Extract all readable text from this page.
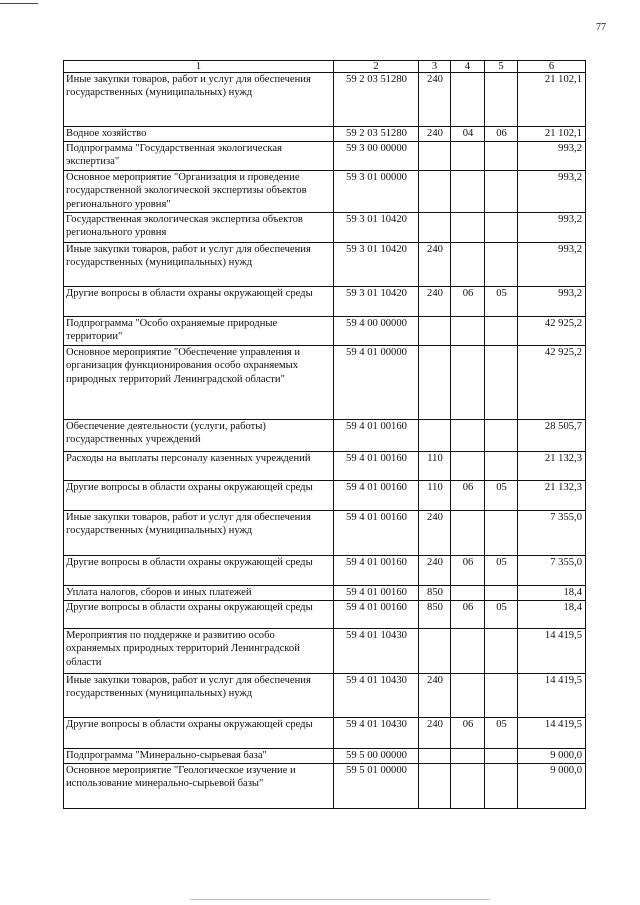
77
1	2	3	4	5	6
Иные закупки товаров, работ и услуг для обеспечения государственных (муниципальных) нужд	59 2 03 51280	240			21 102,1
Водное хозяйство	59 2 03 51280	240	04	06	21 102,1
Подпрограмма "Государственная экологическая экспертиза"	59 3 00 00000				993,2
Основное мероприятие "Организация и проведение государственной экологической экспертизы объектов регионального уровня"	59 3 01 00000				993,2
Государственная экологическая экспертиза объектов регионального уровня	59 3 01 10420				993,2
Иные закупки товаров, работ и услуг для обеспечения государственных (муниципальных) нужд	59 3 01 10420	240			993,2
Другие вопросы в области охраны окружающей среды	59 3 01 10420	240	06	05	993,2
Подпрограмма "Особо охраняемые природные территории"	59 4 00 00000				42 925,2
Основное мероприятие "Обеспечение управления и организация функционирования особо охраняемых природных территорий Ленинградской области"	59 4 01 00000				42 925,2
Обеспечение деятельности (услуги, работы) государственных учреждений	59 4 01 00160				28 505,7
Расходы на выплаты персоналу казенных учреждений	59 4 01 00160	110			21 132,3
Другие вопросы в области охраны окружающей среды	59 4 01 00160	110	06	05	21 132,3
Иные закупки товаров, работ и услуг для обеспечения государственных (муниципальных) нужд	59 4 01 00160	240			7 355,0
Другие вопросы в области охраны окружающей среды	59 4 01 00160	240	06	05	7 355,0
Уплата налогов, сборов и иных платежей	59 4 01 00160	850			18,4
Другие вопросы в области охраны окружающей среды	59 4 01 00160	850	06	05	18,4
Мероприятия по поддержке и развитию особо охраняемых природных территорий Ленинградской области	59 4 01 10430				14 419,5
Иные закупки товаров, работ и услуг для обеспечения государственных (муниципальных) нужд	59 4 01 10430	240			14 419,5
Другие вопросы в области охраны окружающей среды	59 4 01 10430	240	06	05	14 419,5
Подпрограмма "Минерально-сырьевая база"	59 5 00 00000				9 000,0
Основное мероприятие "Геологическое изучение и использование минерально-сырьевой базы"	59 5 01 00000				9 000,0
